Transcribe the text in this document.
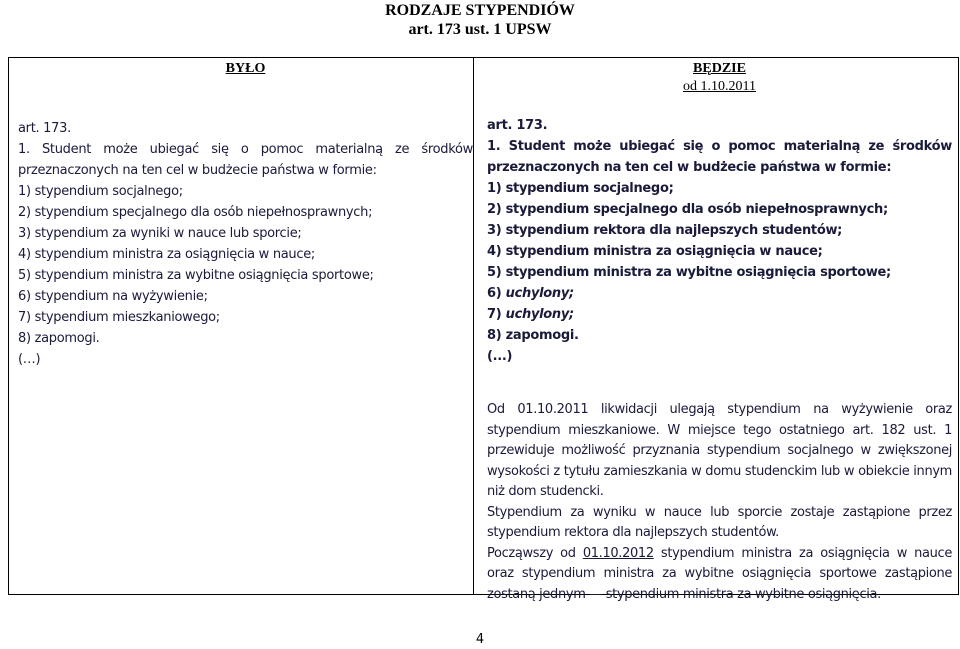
RODZAJE STYPENDIÓW
art. 173 ust. 1 UPSW
BYŁO
art. 173.
1. Student może ubiegać się o pomoc materialną ze środków
przeznaczonych na ten cel w budżecie państwa w formie:
1) stypendium socjalnego;
2) stypendium specjalnego dla osób niepełnosprawnych;
3) stypendium za wyniki w nauce lub sporcie;
4) stypendium ministra za osiągnięcia w nauce;
5) stypendium ministra za wybitne osiągnięcia sportowe;
6) stypendium na wyżywienie;
7) stypendium mieszkaniowego;
8) zapomogi.
(…)
BĘDZIE
od 1.10.2011
art. 173.
1. Student może ubiegać się o pomoc materialną ze środków
przeznaczonych na ten cel w budżecie państwa w formie:
1) stypendium socjalnego;
2) stypendium specjalnego dla osób niepełnosprawnych;
3) stypendium rektora dla najlepszych studentów;
4) stypendium ministra za osiągnięcia w nauce;
5) stypendium ministra za wybitne osiągnięcia sportowe;
6) uchylony;
7) uchylony;
8) zapomogi.
(...)

Od 01.10.2011 likwidacji ulegają stypendium na wyżywienie oraz stypendium mieszkaniowe. W miejsce tego ostatniego art. 182 ust. 1 przewiduje możliwość przyznania stypendium socjalnego w zwiększonej wysokości z tytułu zamieszkania w domu studenckim lub w obiekcie innym niż dom studencki.

Stypendium za wyniku w nauce lub sporcie zostaje zastąpione przez stypendium rektora dla najlepszych studentów.

Począwszy od 01.10.2012 stypendium ministra za osiągnięcia w nauce oraz stypendium ministra za wybitne osiągnięcia sportowe zastąpione zostaną jednym — stypendium ministra za wybitne osiągnięcia.

4
